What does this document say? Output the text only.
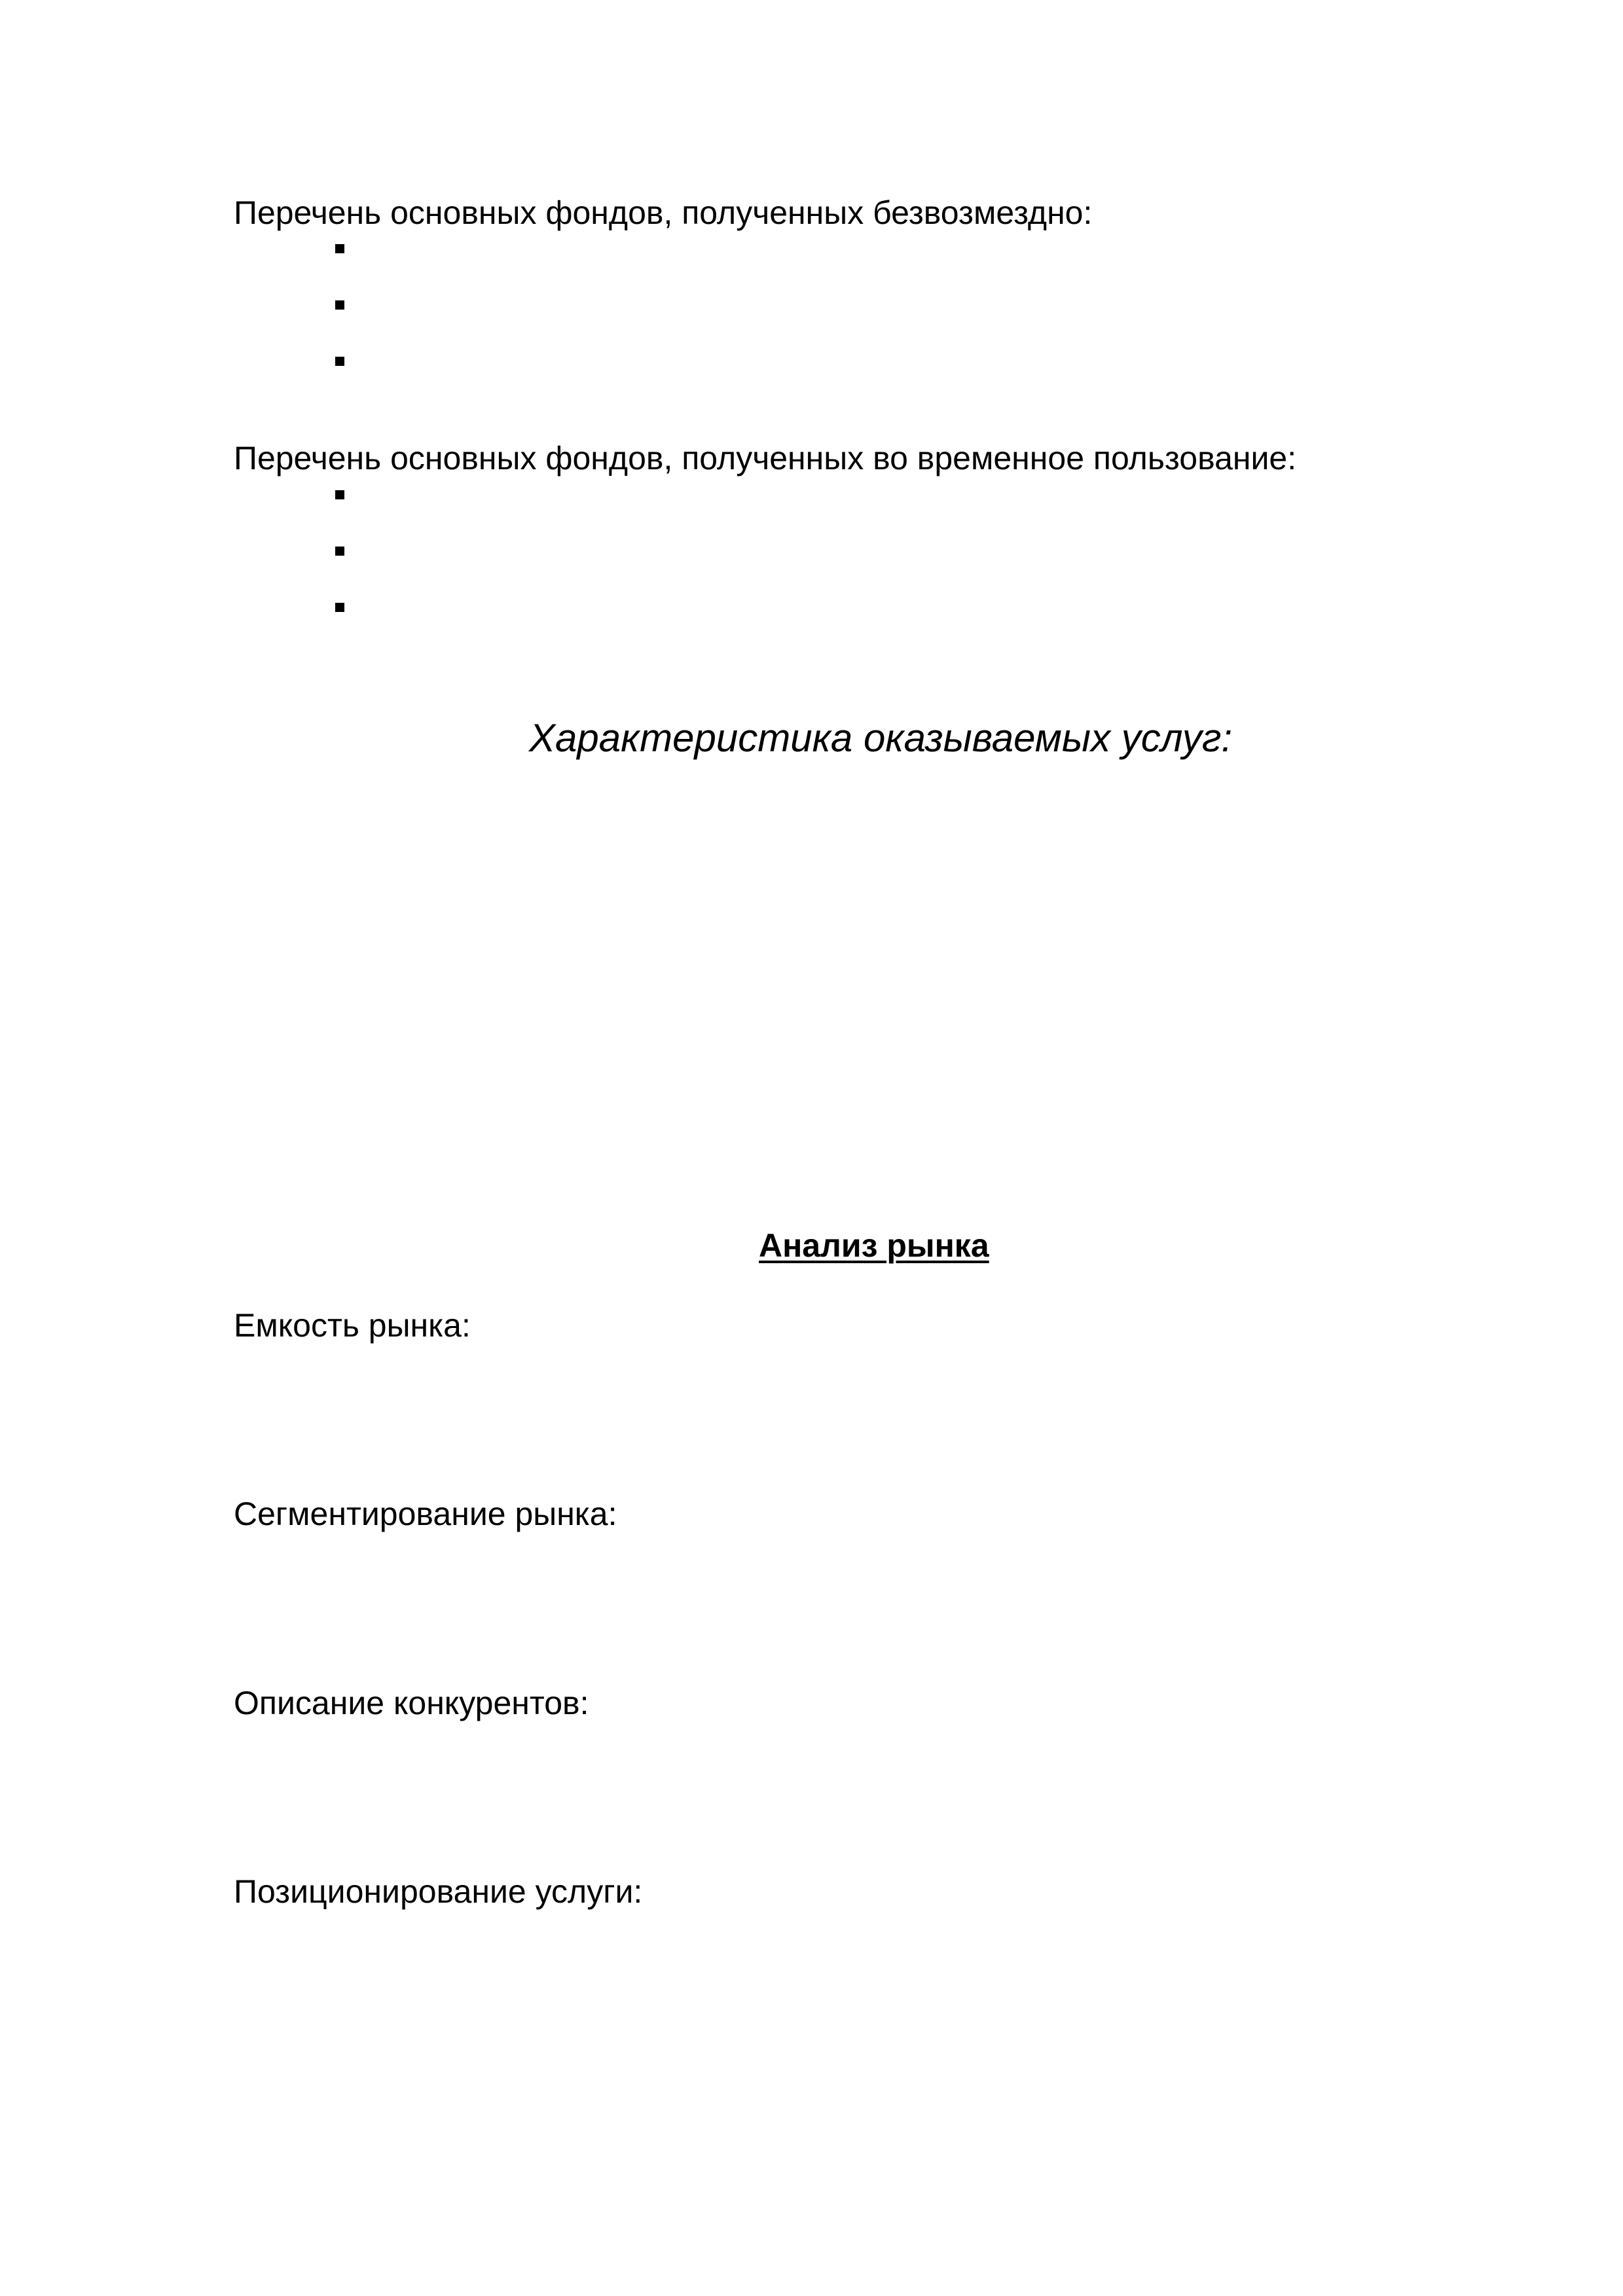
Перечень основных фондов, полученных безвозмездно:
Перечень основных фондов, полученных во временное пользование:
Характеристика оказываемых услуг:
Анализ рынка
Емкость рынка:
Сегментирование рынка:
Описание конкурентов:
Позиционирование услуги:
